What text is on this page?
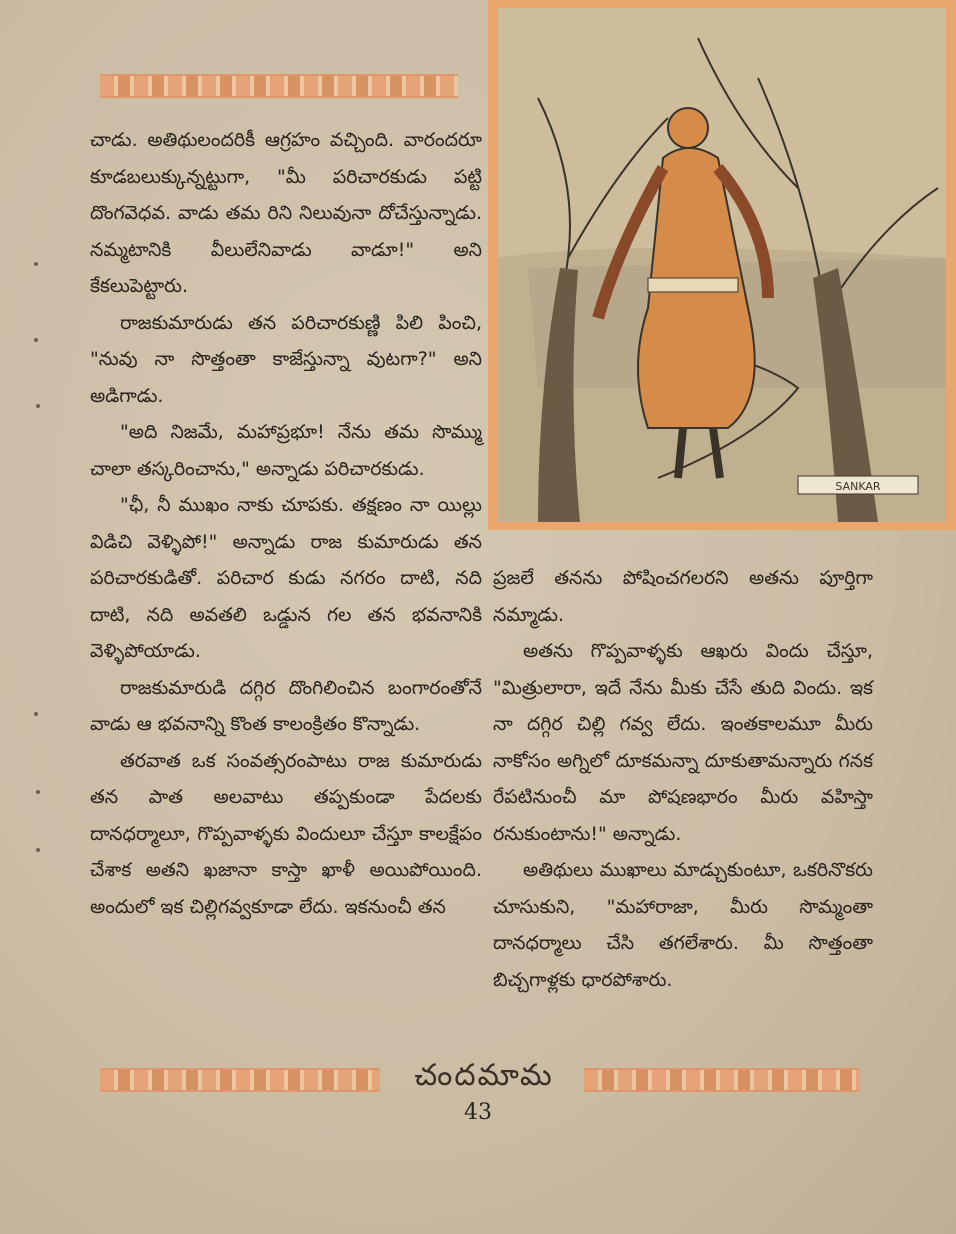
చాడు. అతిథులందరికీ ఆగ్రహం వచ్చింది. వారందరూ కూడబలుక్కున్నట్టుగా, "మీ పరిచారకుడు పట్టి దొంగవెధవ. వాడు తమ రిని నిలువునా దోచేస్తున్నాడు. నమ్మటానికి వీలులేనివాడు వాడూ!" అని కేకలుపెట్టారు.

రాజకుమారుడు తన పరిచారకుణ్ణి పిలి పించి, "నువు నా సొత్తంతా కాజేస్తున్నా వుటగా?" అని అడిగాడు.

"అది నిజమే, మహాప్రభూ! నేను తమ సొమ్ము చాలా తస్కరించాను," అన్నాడు పరిచారకుడు.

"ఛీ, నీ ముఖం నాకు చూపకు. తక్షణం నా యిల్లు విడిచి వెళ్ళిపో!" అన్నాడు రాజ కుమారుడు తన పరిచారకుడితో. పరిచార కుడు నగరం దాటి, నది దాటి, నది అవతలి ఒడ్డున గల తన భవనానికి వెళ్ళిపోయాడు.

రాజకుమారుడి దగ్గిర దొంగిలించిన బంగారంతోనే వాడు ఆ భవనాన్ని కొంత కాలంక్రితం కొన్నాడు.

తరవాత ఒక సంవత్సరంపాటు రాజ కుమారుడు తన పాత అలవాటు తప్పకుండా పేదలకు దానధర్మాలూ, గొప్పవాళ్ళకు విందులూ చేస్తూ కాలక్షేపం చేశాక అతని ఖజానా కాస్తా ఖాళీ అయిపోయింది. అందులో ఇక చిల్లిగవ్వకూడా లేదు. ఇకనుంచీ తన

SANKAR

ప్రజలే తనను పోషించగలరని అతను పూర్తిగా నమ్మాడు.

అతను గొప్పవాళ్ళకు ఆఖరు విందు చేస్తూ, "మిత్రులారా, ఇదే నేను మీకు చేసే తుది విందు. ఇక నా దగ్గిర చిల్లి గవ్వ లేదు. ఇంతకాలమూ మీరు నాకోసం అగ్నిలో దూకమన్నా దూకుతామన్నారు గనక రేపటినుంచీ మా పోషణభారం మీరు వహిస్తా రనుకుంటాను!" అన్నాడు.

అతిథులు ముఖాలు మాడ్చుకుంటూ, ఒకరినొకరు చూసుకుని, "మహారాజా, మీరు సొమ్మంతా దానధర్మాలు చేసి తగలేశారు. మీ సొత్తంతా బిచ్చగాళ్లకు ధారపోశారు.

చందమామ
43
